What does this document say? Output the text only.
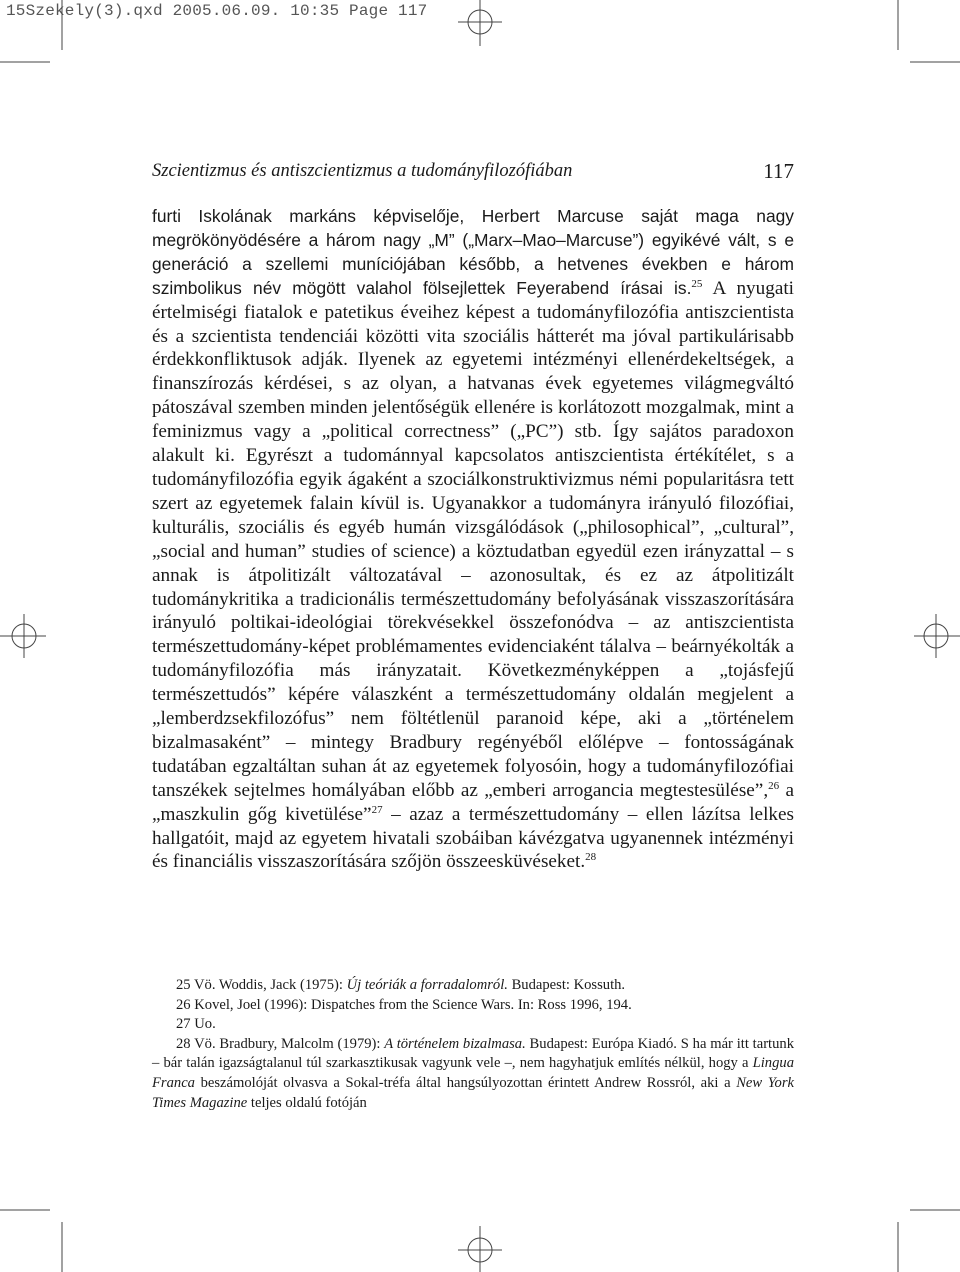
15Szekely(3).qxd 2005.06.09. 10:35 Page 117
Szcientizmus és antiszcientizmus a tudományfilozófiában	117

furti Iskolának markáns képviselője, Herbert Marcuse saját maga nagy megrökönyödésére a három nagy „M” („Marx–Mao–Marcuse”) egyikévé vált, s e generáció a szellemi muníciójában később, a hetvenes években e három szimbolikus név mögött valahol fölsejlettek Feyerabend írásai is.$^{25}$ A nyugati értelmiségi fiatalok e patetikus éveihez képest a tudományfilozófia antiszcientista és a szcientista tendenciái közötti vita szociális hátterét ma jóval partikulárisabb érdekkonfliktusok adják. Ilyenek az egyetemi intézményi ellenérdekeltségek, a finanszírozás kérdései, s az olyan, a hatvanas évek egyetemes világmegváltó pátoszával szemben minden jelentőségük ellenére is korlátozott mozgalmak, mint a feminizmus vagy a „political correctness” („PC”) stb. Így sajátos paradoxon alakult ki. Egyrészt a tudománnyal kapcsolatos antiszcientista értékítélet, s a tudományfilozófia egyik ágaként a szociálkonstruktivizmus némi popularitásra tett szert az egyetemek falain kívül is. Ugyanakkor a tudományra irányuló filozófiai, kulturális, szociális és egyéb humán vizsgálódások („philosophical”, „cultural”, „social and human” studies of science) a köztudatban egyedül ezen irányzattal – s annak is átpolitizált változatával – azonosultak, és ez az átpolitizált tudománykritika a tradicionális természettudomány befolyásának visszaszorítására irányuló poltikai-ideológiai törekvésekkel összefonódva – az antiszcientista természettudomány-képet problémamentes evidenciaként tálalva – beárnyékolták a tudományfilozófia más irányzatait. Következményképpen a „tojásfejű természettudós” képére válaszként a természettudomány oldalán megjelent a „lemberdzsekfilozófus” nem föltétlenül paranoid képe, aki a „történelem bizalmasaként” – mintegy Bradbury regényéből előlépve – fontosságának tudatában egzaltáltan suhan át az egyetemek folyosóin, hogy a tudományfilozófiai tanszékek sejtelmes homályában előbb az „emberi arrogancia megtestesülése”,$^{26}$ a „maszkulin gőg kivetülése”$^{27}$ – azaz a természettudomány – ellen lázítsa lelkes hallgatóit, majd az egyetem hivatali szobáiban kávézgatva ugyanennek intézményi és financiális visszaszorítására szőjön összeesküvéseket.$^{28}$

25 Vö. Woddis, Jack (1975): Új teóriák a forradalomról. Budapest: Kossuth.

26 Kovel, Joel (1996): Dispatches from the Science Wars. In: Ross 1996, 194.

27 Uo.

28 Vö. Bradbury, Malcolm (1979): A történelem bizalmasa. Budapest: Európa Kiadó. S ha már itt tartunk – bár talán igazságtalanul túl szarkasztikusak vagyunk vele –, nem hagyhatjuk említés nélkül, hogy a Lingua Franca beszámolóját olvasva a Sokal-tréfa által hangsúlyozottan érintett Andrew Rossról, aki a New York Times Magazine teljes oldalú fotóján
